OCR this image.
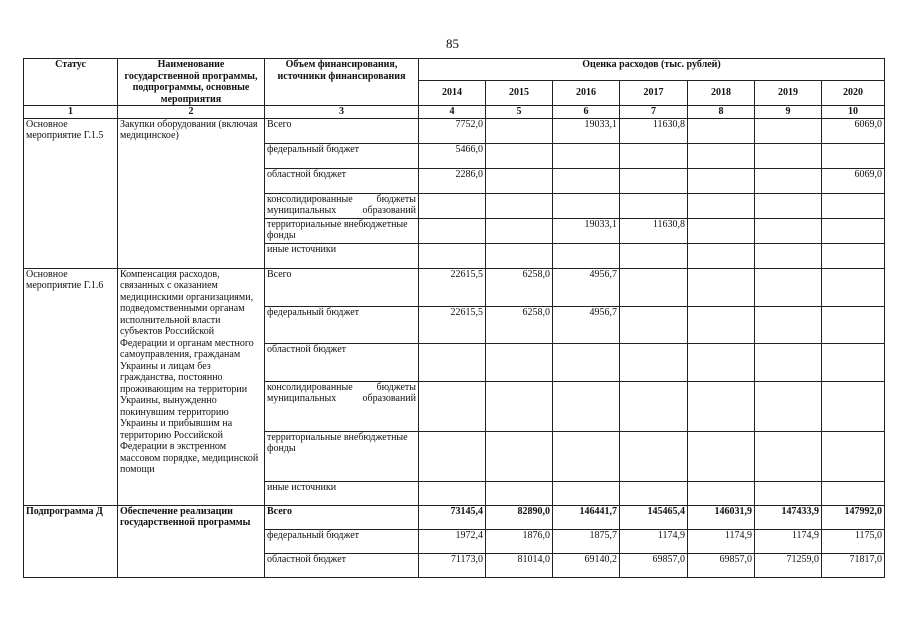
85
Статус	Наименование государственной программы, подпрограммы, основные мероприятия	Объем финансирования, источники финансирования	Оценка расходов (тыс. рублей)						
			2014	2015	2016	2017	2018	2019	2020
1	2	3	4	5	6	7	8	9	10
Основное мероприятие Г.1.5	Закупки оборудования (включая медицинское)	Всего	7752,0		19033,1	11630,8			6069,0
		федеральный бюджет	5466,0						
		областной бюджет	2286,0						6069,0
		консолидированные бюджеты муниципальных образований							
		территориальные внебюджетные фонды			19033,1	11630,8			
		иные источники							
Основное мероприятие Г.1.6	Компенсация расходов, связанных с оказанием медицинскими организациями, подведомственными органам исполнительной власти субъектов Российской Федерации и органам местного самоуправления, гражданам Украины и лицам без гражданства, постоянно проживающим на территории Украины, вынужденно покинувшим территорию Украины и прибывшим на территорию Российской Федерации в экстренном массовом порядке, медицинской помощи	Всего	22615,5	6258,0	4956,7				
		федеральный бюджет	22615,5	6258,0	4956,7				
		областной бюджет							
		консолидированные бюджеты муниципальных образований							
		территориальные внебюджетные фонды							
		иные источники							
Подпрограмма Д	Обеспечение реализации государственной программы	Всего	73145,4	82890,0	146441,7	145465,4	146031,9	147433,9	147992,0
		федеральный бюджет	1972,4	1876,0	1875,7	1174,9	1174,9	1174,9	1175,0
		областной бюджет	71173,0	81014,0	69140,2	69857,0	69857,0	71259,0	71817,0
